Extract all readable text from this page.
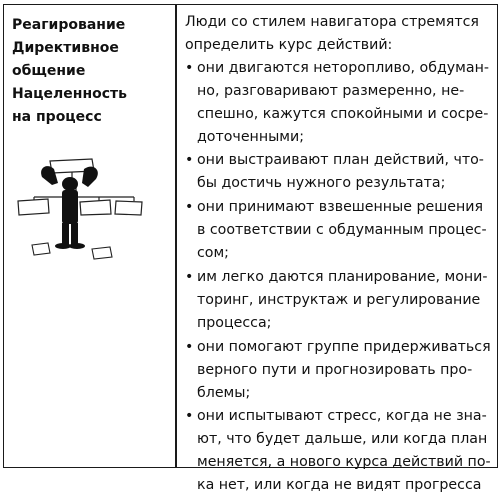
Реагирование
Директивное
общение
Нацеленность
на процесс

Люди со стилем навигатора стремятся
определить курс действий:

• они двигаются неторопливо, обдуман-
но, разговаривают размеренно, не-
спешно, кажутся спокойными и сосре-
доточенными;
• они выстраивают план действий, что-
бы достичь нужного результата;
• они принимают взвешенные решения
в соответствии с обдуманным процес-
сом;
• им легко даются планирование, мони-
торинг, инструктаж и регулирование
процесса;
• они помогают группе придерживаться
верного пути и прогнозировать про-
блемы;
• они испытывают стресс, когда не зна-
ют, что будет дальше, или когда план
меняется, а нового курса действий по-
ка нет, или когда не видят прогресса
